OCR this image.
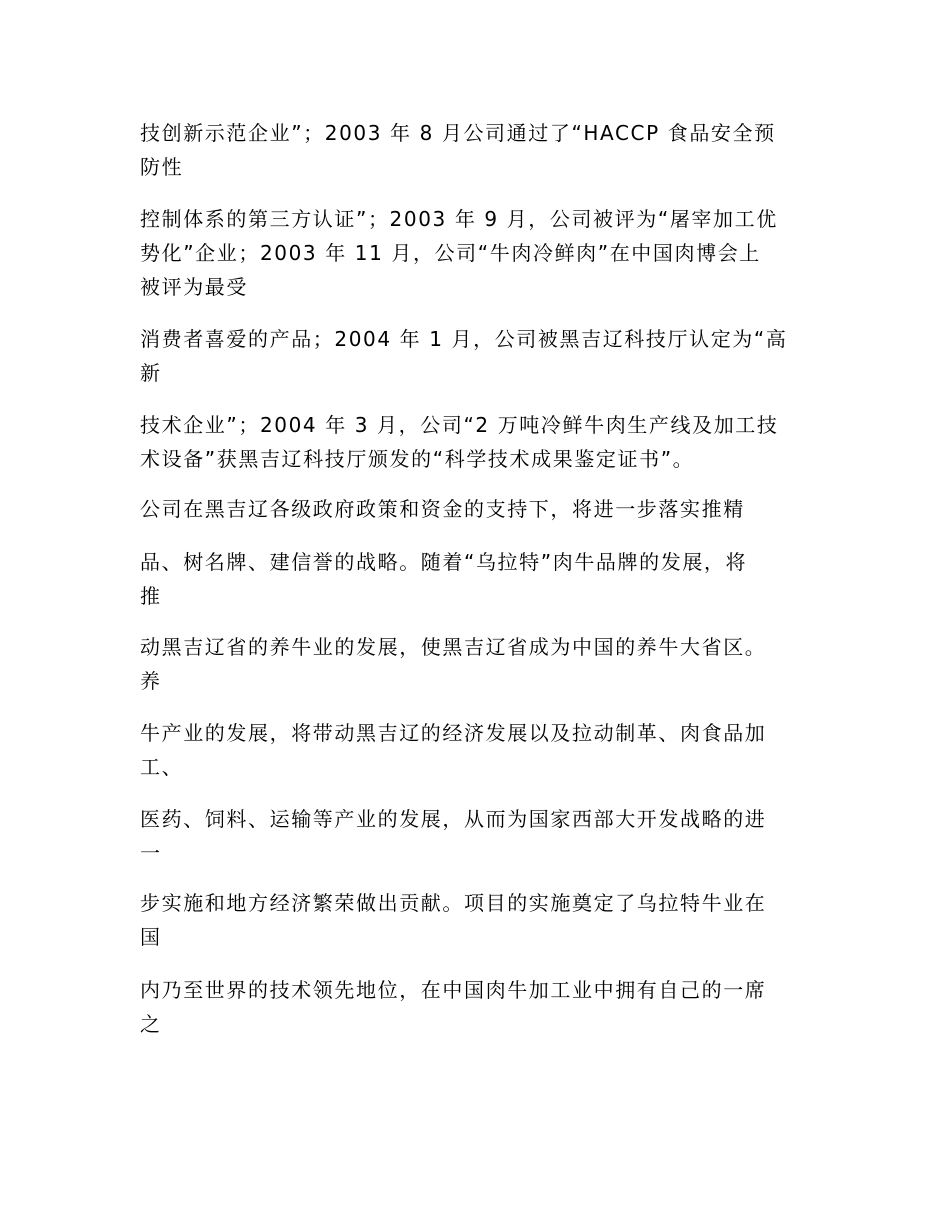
技创新示范企业”；2003 年 8 月公司通过了“HACCP 食品安全预
防性

控制体系的第三方认证”；2003 年 9 月，公司被评为“屠宰加工优
势化”企业；2003 年 11 月，公司“牛肉冷鲜肉”在中国肉博会上
被评为最受

消费者喜爱的产品；2004 年 1 月，公司被黑吉辽科技厅认定为“高
新

技术企业”；2004 年 3 月，公司“2 万吨冷鲜牛肉生产线及加工技
术设备”获黑吉辽科技厅颁发的“科学技术成果鉴定证书”。

公司在黑吉辽各级政府政策和资金的支持下，将进一步落实推精

品、树名牌、建信誉的战略。随着“乌拉特”肉牛品牌的发展，将
推

动黑吉辽省的养牛业的发展，使黑吉辽省成为中国的养牛大省区。
养

牛产业的发展，将带动黑吉辽的经济发展以及拉动制革、肉食品加
工、

医药、饲料、运输等产业的发展，从而为国家西部大开发战略的进
一

步实施和地方经济繁荣做出贡献。项目的实施奠定了乌拉特牛业在
国

内乃至世界的技术领先地位，在中国肉牛加工业中拥有自己的一席
之
